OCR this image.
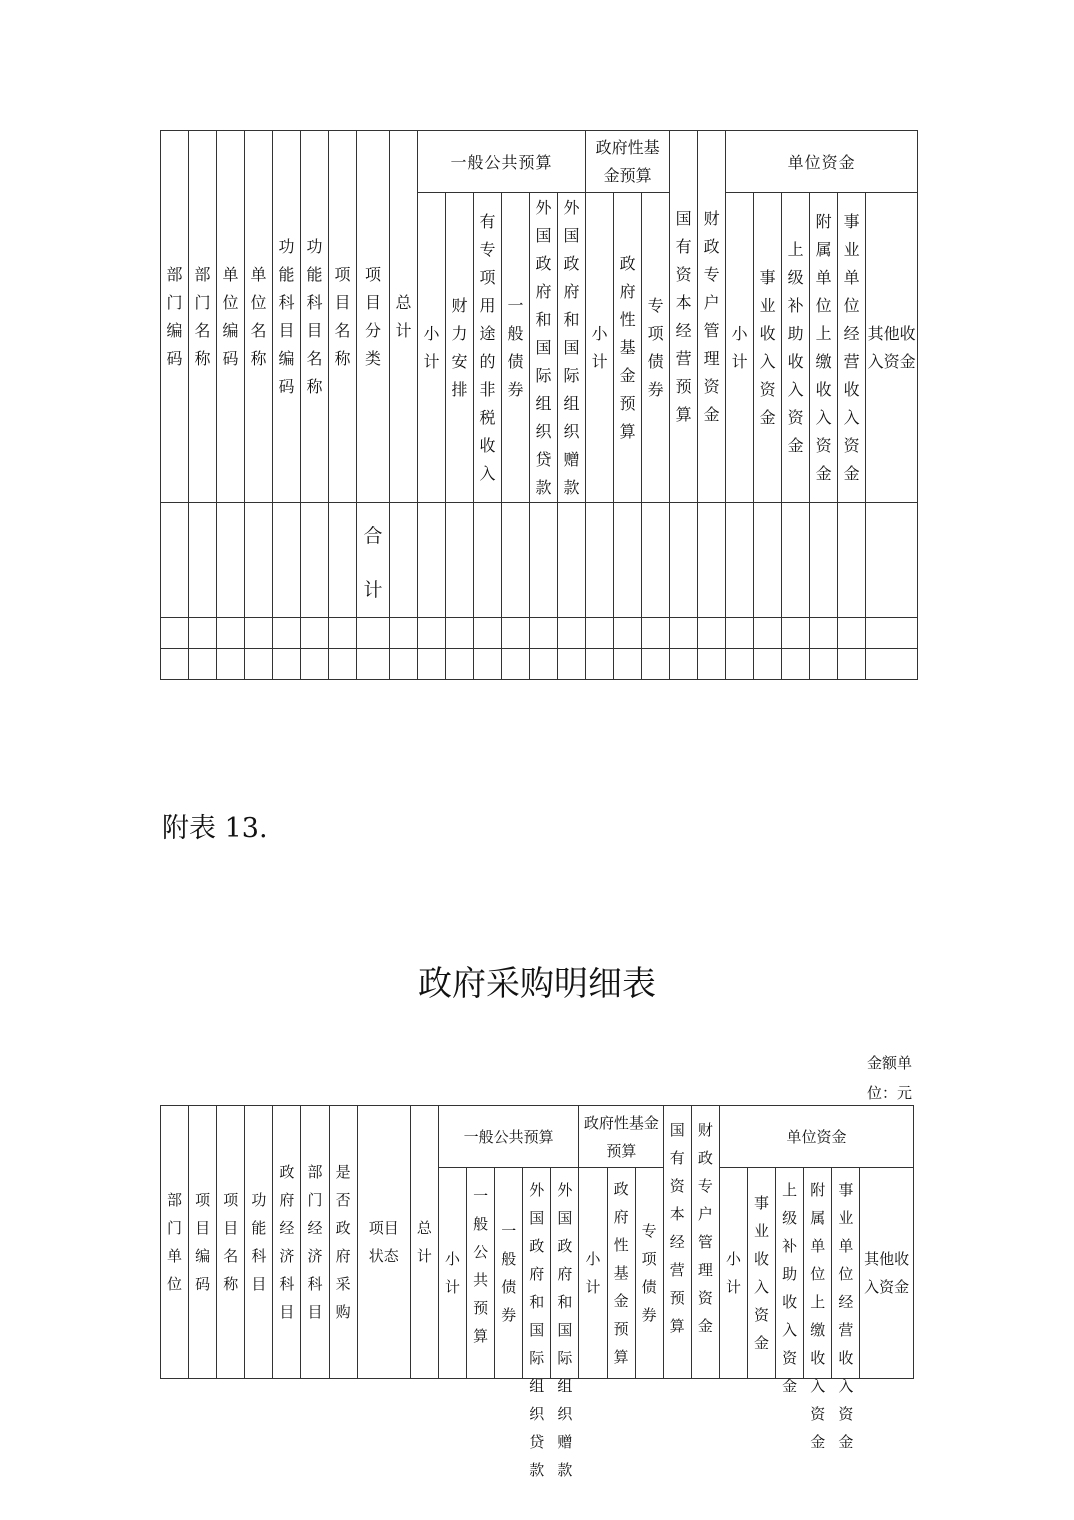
部门编码	部门名称	单位编码	单位名称	功能科目编码	功能科目名称	项目名称	项目分类	总计	一般公共预算						政府性基金预算			国有资本经营预算	财政专户管理资金	单位资金					
									小计	财力安排	有专项用途的非税收入	一般债券	外国政府和国际组织贷款	外国政府和国际组织赠款	小计	政府性基金预算	专项债券			小计	事业收入资金	上级补助收入资金	附属单位上缴收入资金	事业单位经营收入资金	其他收入资金
							合计																		

附表 13.
政府采购明细表
金额单位：元
部门单位	项目编码	项目名称	功能科目	政府经济科目	部门经济科目	是否政府采购	项目状态	总计	一般公共预算					政府性基金预算			国有资本经营预算	财政专户管理资金	单位资金					
									小计	一般公共预算	一般债券	外国政府和国际组织贷款	外国政府和国际组织赠款	小计	政府性基金预算	专项债券			小计	事业收入资金	上级补助收入资金	附属单位上缴收入资金	事业单位经营收入资金	其他收入资金
